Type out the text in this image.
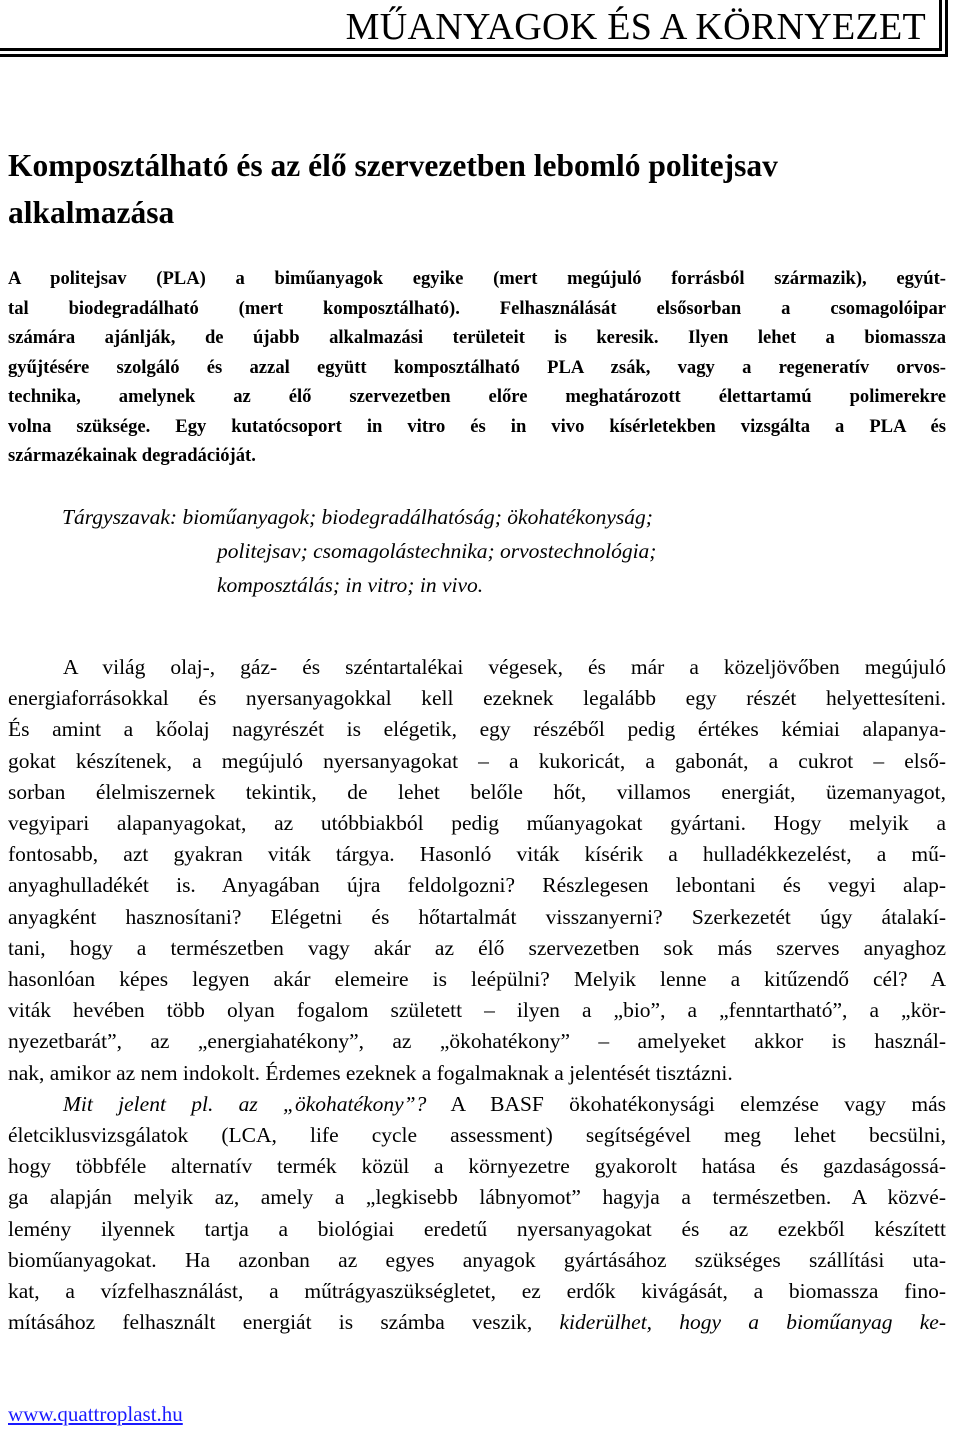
MŰANYAGOK ÉS A KÖRNYEZET
Komposztálható és az élő szervezetben lebomló politejsav alkalmazása
A politejsav (PLA) a biműanyagok egyike (mert megújuló forrásból származik), egyút-
tal biodegradálható (mert komposztálható). Felhasználását elsősorban a csomagolóipar
számára ajánlják, de újabb alkalmazási területeit is keresik. Ilyen lehet a biomassza
gyűjtésére szolgáló és azzal együtt komposztálható PLA zsák, vagy a regeneratív orvos-
technika, amelynek az élő szervezetben előre meghatározott élettartamú polimerekre
volna szüksége. Egy kutatócsoport in vitro és in vivo kísérletekben vizsgálta a PLA és
származékainak degradációját.
Tárgyszavak: bioműanyagok; biodegradálhatóság; ökohatékonyság;
politejsav; csomagolástechnika; orvostechnológia;
komposztálás; in vitro; in vivo.
A világ olaj-, gáz- és széntartalékai végesek, és már a közeljövőben megújuló
energiaforrásokkal és nyersanyagokkal kell ezeknek legalább egy részét helyettesíteni.
És amint a kőolaj nagyrészét is elégetik, egy részéből pedig értékes kémiai alapanya-
gokat készítenek, a megújuló nyersanyagokat – a kukoricát, a gabonát, a cukrot – első-
sorban élelmiszernek tekintik, de lehet belőle hőt, villamos energiát, üzemanyagot,
vegyipari alapanyagokat, az utóbbiakból pedig műanyagokat gyártani. Hogy melyik a
fontosabb, azt gyakran viták tárgya. Hasonló viták kísérik a hulladékkezelést, a mű-
anyaghulladékét is. Anyagában újra feldolgozni? Részlegesen lebontani és vegyi alap-
anyagként hasznosítani? Elégetni és hőtartalmát visszanyerni? Szerkezetét úgy átalakí-
tani, hogy a természetben vagy akár az élő szervezetben sok más szerves anyaghoz
hasonlóan képes legyen akár elemeire is leépülni? Melyik lenne a kitűzendő cél? A
viták hevében több olyan fogalom született – ilyen a „bio”, a „fenntartható”, a „kör-
nyezetbarát”, az „energiahatékony”, az „ökohatékony” – amelyeket akkor is használ-
nak, amikor az nem indokolt. Érdemes ezeknek a fogalmaknak a jelentését tisztázni.
Mit jelent pl. az „ökohatékony”? A BASF ökohatékonysági elemzése vagy más
életciklusvizsgálatok (LCA, life cycle assessment) segítségével meg lehet becsülni,
hogy többféle alternatív termék közül a környezetre gyakorolt hatása és gazdaságossá-
ga alapján melyik az, amely a „legkisebb lábnyomot” hagyja a természetben. A közvé-
lemény ilyennek tartja a biológiai eredetű nyersanyagokat és az ezekből készített
bioműanyagokat. Ha azonban az egyes anyagok gyártásához szükséges szállítási uta-
kat, a vízfelhasználást, a műtrágyaszükségletet, ez erdők kivágását, a biomassza fino-
mításához felhasznált energiát is számba veszik, kiderülhet, hogy a bioműanyag ke-
www.quattroplast.hu
